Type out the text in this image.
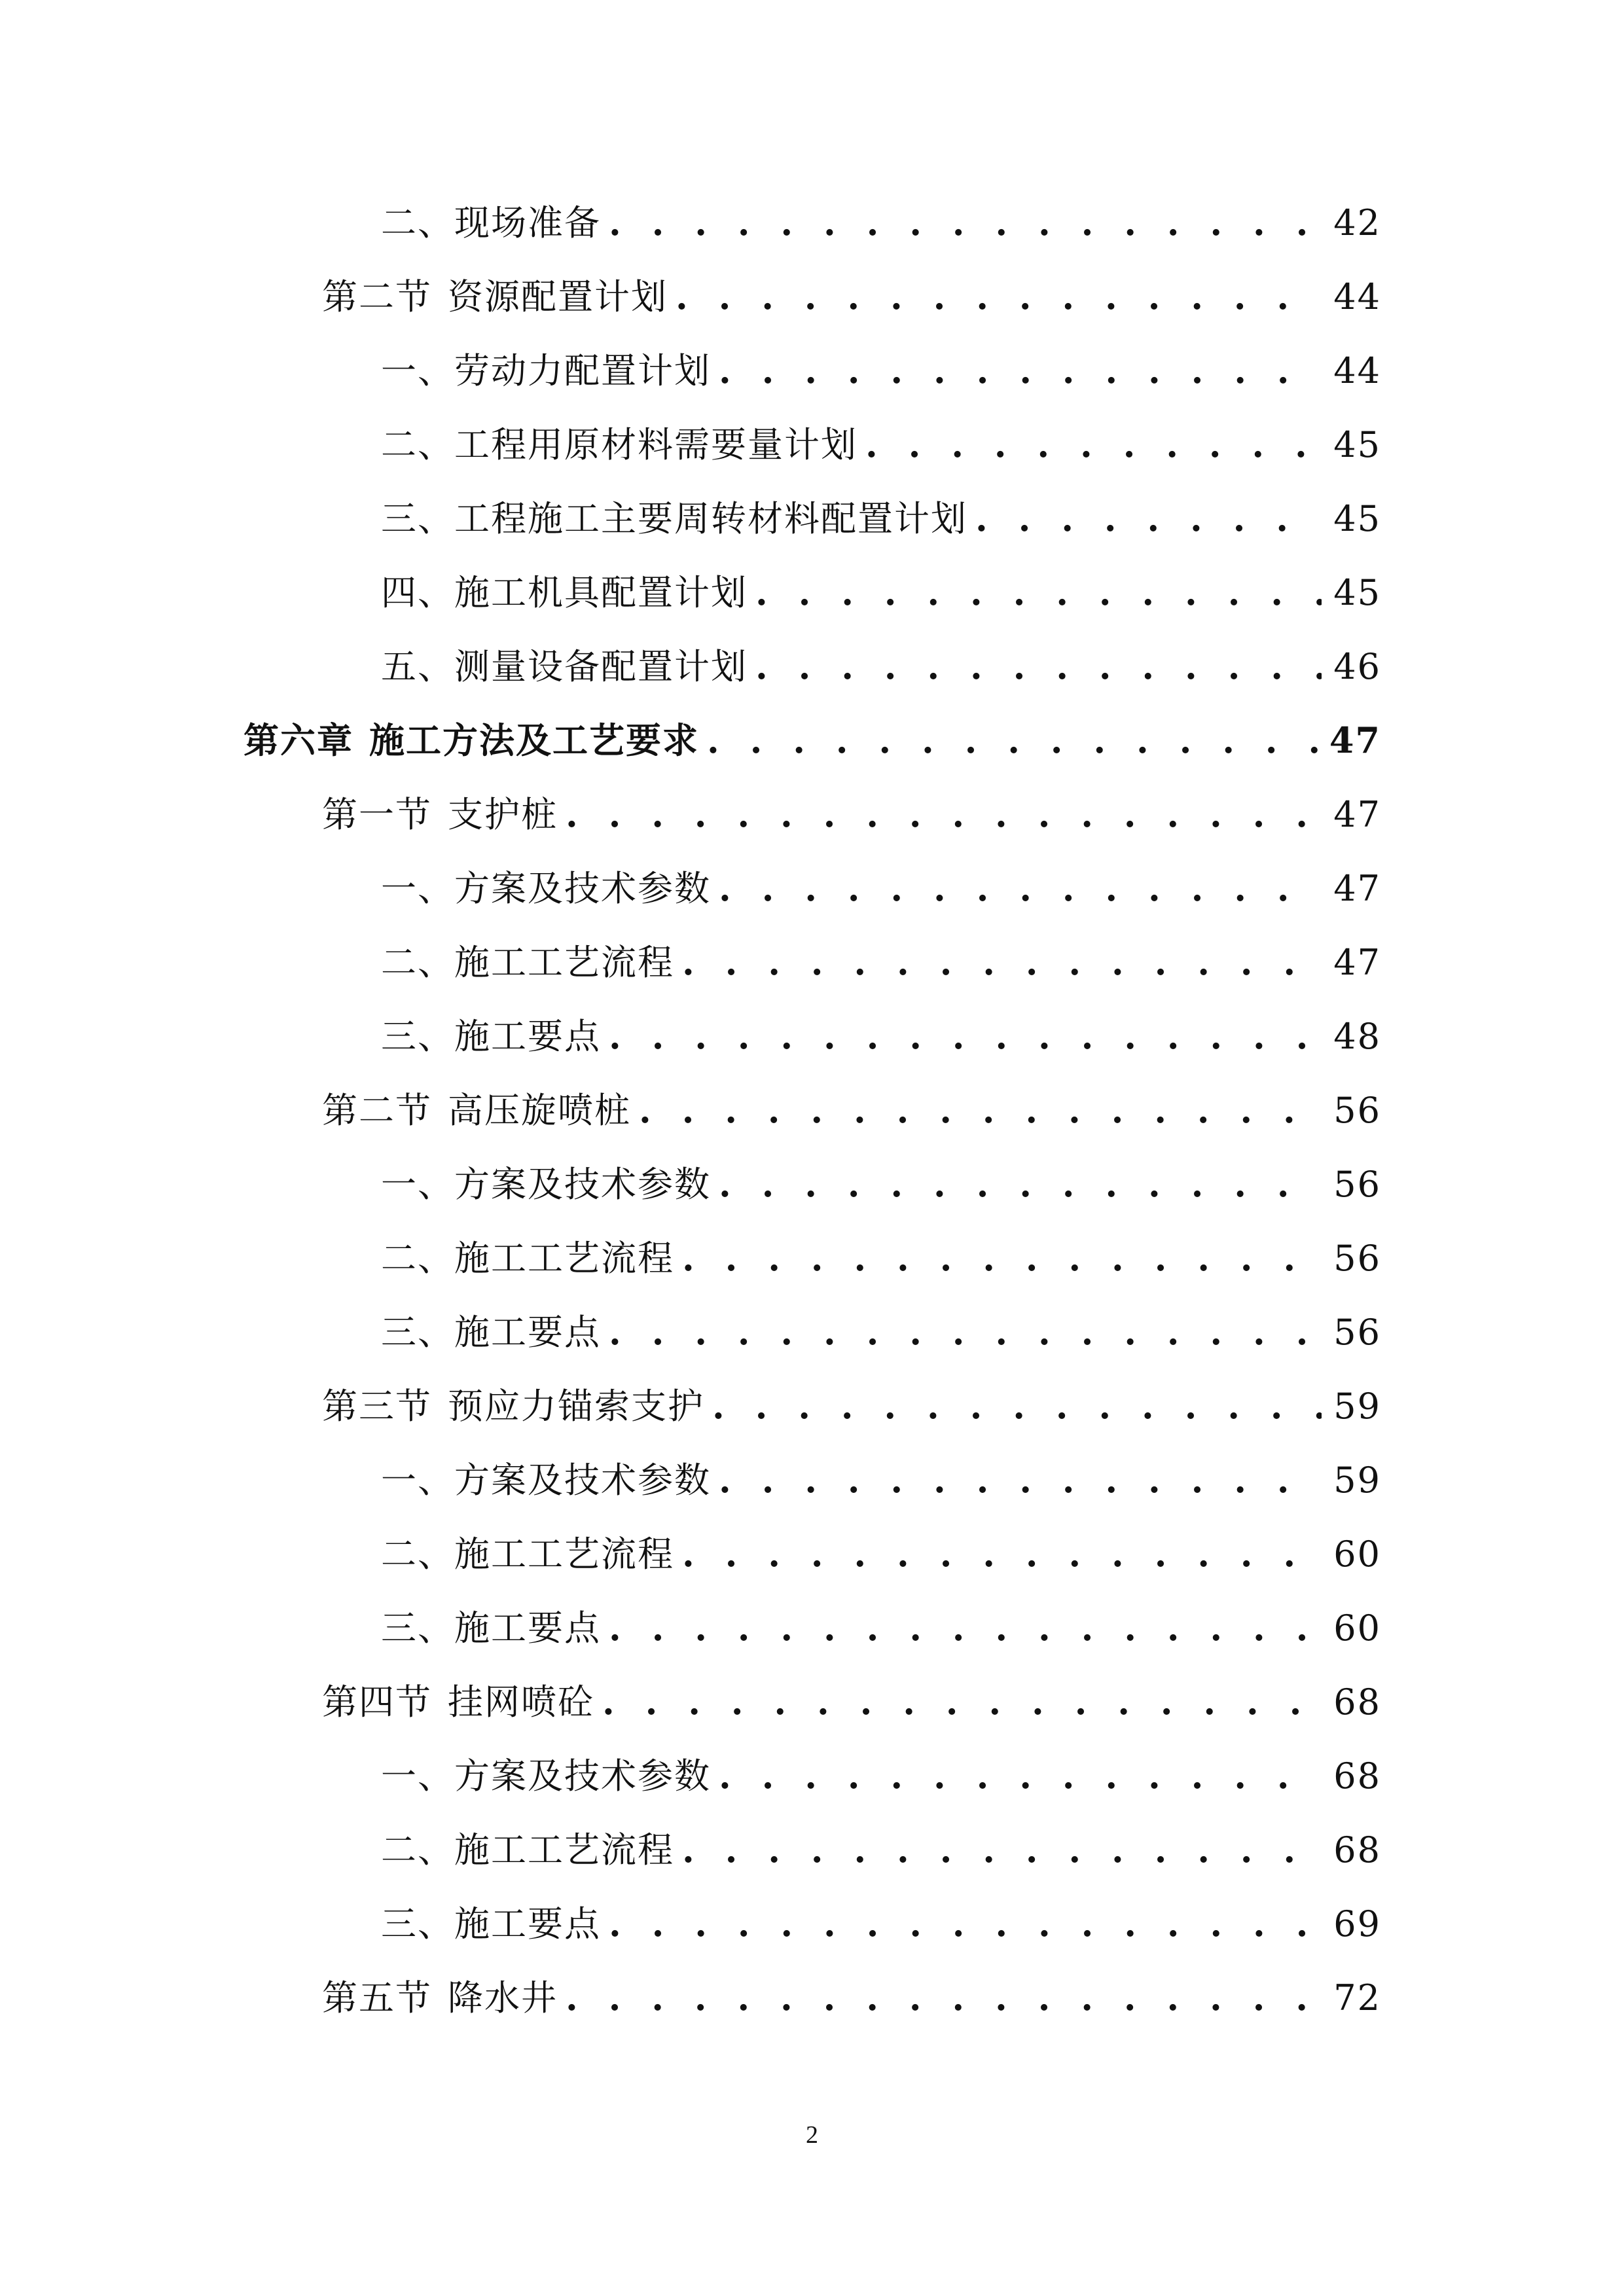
二、 现场准备 . . .	42
第二节 资源配置计划 . . .	44
一、 劳动力配置计划 . . .	44
二、 工程用原材料需要量计划 . . .	45
三、 工程施工主要周转材料配置计划 . . .	45
四、 施工机具配置计划 . . .	45
五、 测量设备配置计划 . . .	46
第六章 施工方法及工艺要求 . . .	47
第一节 支护桩 . . .	47
一、 方案及技术参数 . . .	47
二、 施工工艺流程 . . .	47
三、 施工要点 . . .	48
第二节 高压旋喷桩 . . .	56
一、 方案及技术参数 . . .	56
二、 施工工艺流程 . . .	56
三、 施工要点 . . .	56
第三节 预应力锚索支护 . . .	59
一、 方案及技术参数 . . .	59
二、 施工工艺流程 . . .	60
三、 施工要点 . . .	60
第四节 挂网喷砼 . . .	68
一、 方案及技术参数 . . .	68
二、 施工工艺流程 . . .	68
三、 施工要点 . . .	69
第五节 降水井 . . .	72
2
